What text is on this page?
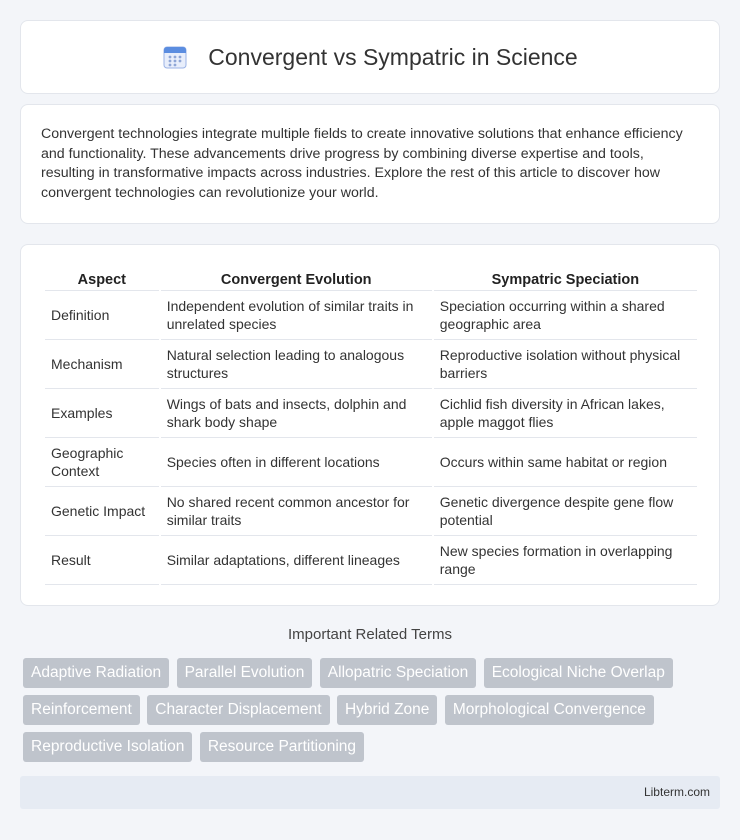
Convergent vs Sympatric in Science

Convergent technologies integrate multiple fields to create innovative solutions that enhance efficiency and functionality. These advancements drive progress by combining diverse expertise and tools, resulting in transformative impacts across industries. Explore the rest of this article to discover how convergent technologies can revolutionize your world.

Aspect	Convergent Evolution	Sympatric Speciation
Definition	Independent evolution of similar traits in unrelated species	Speciation occurring within a shared geographic area
Mechanism	Natural selection leading to analogous structures	Reproductive isolation without physical barriers
Examples	Wings of bats and insects, dolphin and shark body shape	Cichlid fish diversity in African lakes, apple maggot flies
Geographic Context	Species often in different locations	Occurs within same habitat or region
Genetic Impact	No shared recent common ancestor for similar traits	Genetic divergence despite gene flow potential
Result	Similar adaptations, different lineages	New species formation in overlapping range
Important Related Terms
Adaptive Radiation Parallel Evolution Allopatric Speciation Ecological Niche Overlap Reinforcement Character Displacement Hybrid Zone Morphological Convergence Reproductive Isolation Resource Partitioning
Libterm.com
